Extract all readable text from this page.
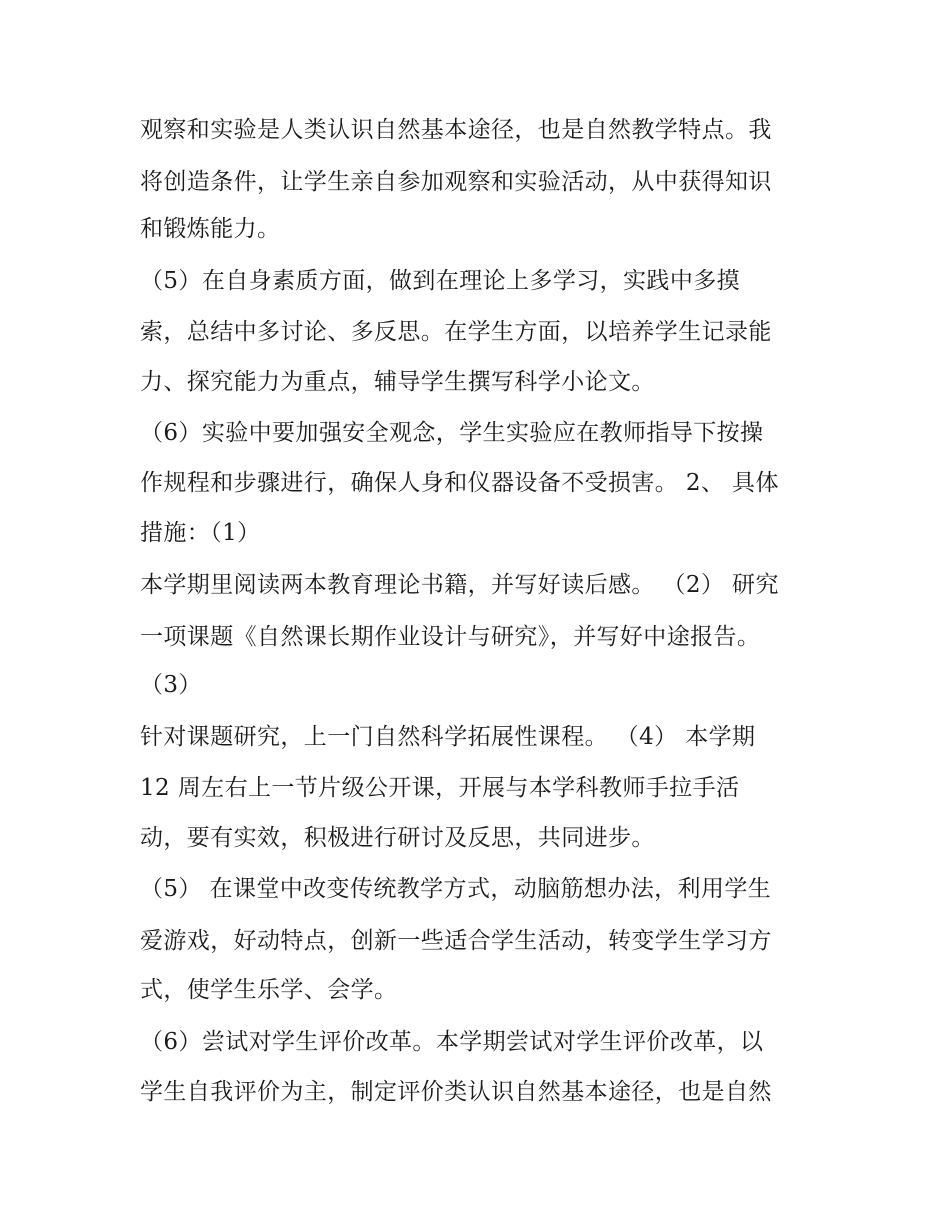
观察和实验是人类认识自然基本途径，也是自然教学特点。我
将创造条件，让学生亲自参加观察和实验活动，从中获得知识
和锻炼能力。
（5）在自身素质方面，做到在理论上多学习，实践中多摸
索，总结中多讨论、多反思。在学生方面，以培养学生记录能
力、探究能力为重点，辅导学生撰写科学小论文。
（6）实验中要加强安全观念，学生实验应在教师指导下按操
作规程和步骤进行，确保人身和仪器设备不受损害。 2、 具体
措施：（1）
本学期里阅读两本教育理论书籍，并写好读后感。 （2） 研究
一项课题《自然课长期作业设计与研究》，并写好中途报告。
（3）
针对课题研究，上一门自然科学拓展性课程。 （4） 本学期
12 周左右上一节片级公开课，开展与本学科教师手拉手活
动，要有实效，积极进行研讨及反思，共同进步。
（5） 在课堂中改变传统教学方式，动脑筋想办法，利用学生
爱游戏，好动特点，创新一些适合学生活动，转变学生学习方
式，使学生乐学、会学。
（6）尝试对学生评价改革。本学期尝试对学生评价改革，以
学生自我评价为主，制定评价类认识自然基本途径，也是自然
